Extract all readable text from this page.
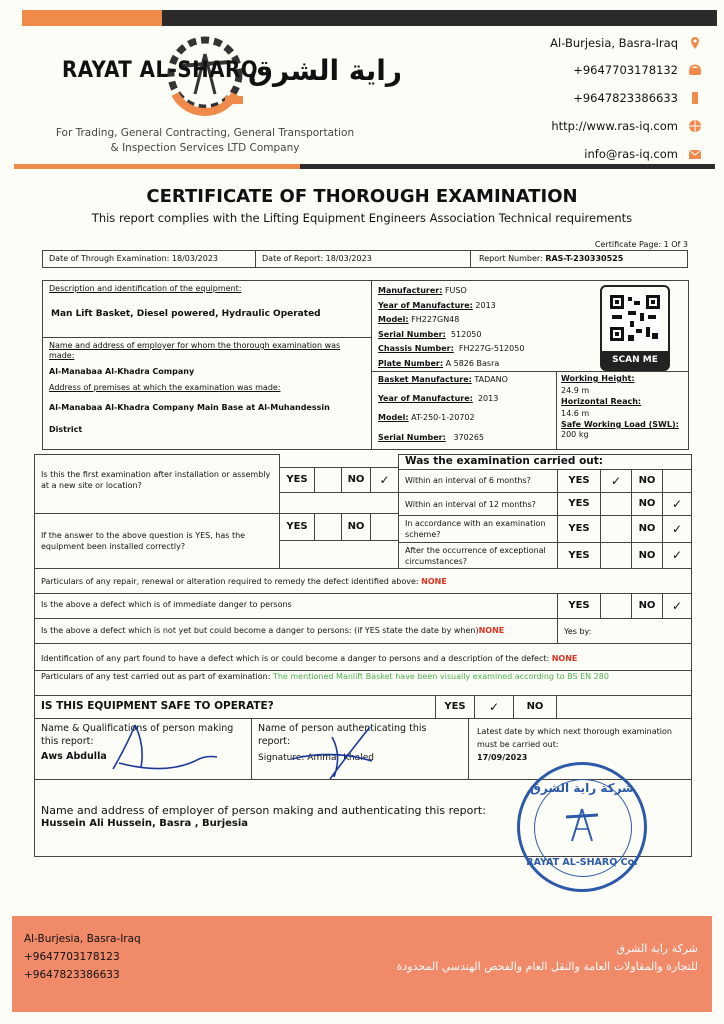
RAYAT AL-SHARQ
راية الشرق
For Trading, General Contracting, General Transportation
& Inspection Services LTD Company
Al-Burjesia, Basra-Iraq
+9647703178132
+9647823386633
http://www.ras-iq.com
info@ras-iq.com
CERTIFICATE OF THOROUGH EXAMINATION
This report complies with the Lifting Equipment Engineers Association Technical requirements
Certificate Page: 1 Of 3
Date of Through Examination: 18/03/2023	Date of Report: 18/03/2023	Report Number: RAS-T-230330525
Description and identification of the equipment:
Man Lift Basket, Diesel powered, Hydraulic Operated
Name and address of employer for whom the thorough examination was made:
Al-Manabaa Al-Khadra Company
Address of premises at which the examination was made:
Al-Manabaa Al-Khadra Company Main Base at Al-Muhandessin District
Manufacturer: FUSO
Year of Manufacture: 2013
Model: FH227GN48
Serial Number: 512050
Chassis Number: FH227G-512050
Plate Number: A 5826 Basra	SCAN ME
Basket Manufacture: TADANO
Year of Manufacture: 2013
Model: AT-250-1-20702
Serial Number: 370265
Working Height:
24.9 m
Horizontal Reach:
14.6 m
Safe Working Load (SWL):
200 kg
Is this the first examination after installation or assembly at a new site or location?
YES	NO	✓
If the answer to the above question is YES, has the equipment been installed correctly?
YES	NO
Was the examination carried out:
Within an interval of 6 months?	YES	✓	NO
Within an interval of 12 months?	YES	NO	✓
In accordance with an examination scheme?
YES	NO	✓
After the occurrence of exceptional circumstances?
YES	NO	✓
Particulars of any repair, renewal or alteration required to remedy the defect identified above: NONE
Is the above a defect which is of immediate danger to persons	YES	NO	✓
Is the above a defect which is not yet but could become a danger to persons: (if YES state the date by when)NONE	Yes by:
Identification of any part found to have a defect which is or could become a danger to persons and a description of the defect: NONE
Particulars of any test carried out as part of examination: The mentioned Manlift Basket have been visually examined according to BS EN 280
IS THIS EQUIPMENT SAFE TO OPERATE?	YES	✓	NO
Name & Qualifications of person making this report:
Aws Abdulla
Name of person authenticating this report:
Signature: Ammar Khaled
Latest date by which next thorough examination must be carried out:
17/09/2023
Name and address of employer of person making and authenticating this report:
Hussein Ali Hussein, Basra , Burjesia
شركة راية الشرق
RAYAT AL-SHARQ Co.
Al-Burjesia, Basra-Iraq
+9647703178123
+9647823386633
شركة راية الشرق
للتجارة والمقاولات العامة والنقل العام والفحص الهندسي المحدودة
